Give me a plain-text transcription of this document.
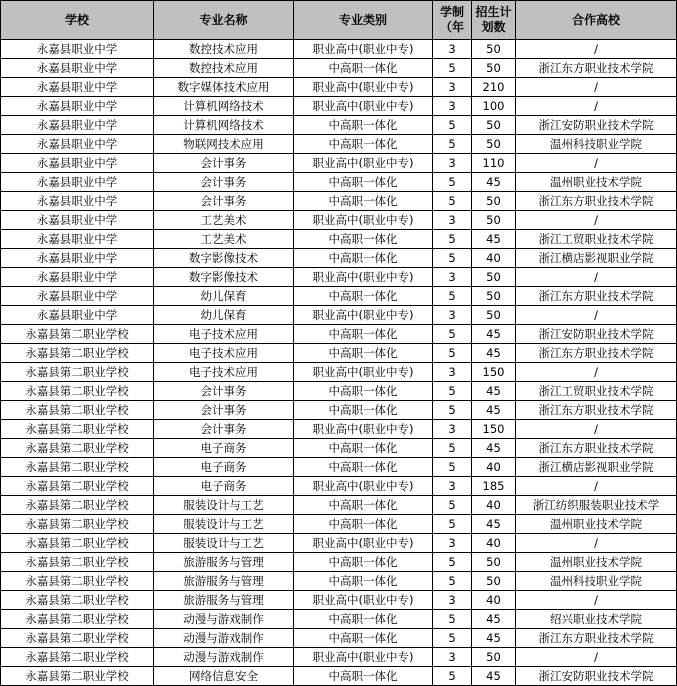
学校	专业名称	专业类别	学制（年	招生计划数	合作高校
永嘉县职业中学	数控技术应用	职业高中(职业中专)	3	50	/
永嘉县职业中学	数控技术应用	中高职一体化	5	50	浙江东方职业技术学院
永嘉县职业中学	数字媒体技术应用	职业高中(职业中专)	3	210	/
永嘉县职业中学	计算机网络技术	职业高中(职业中专)	3	100	/
永嘉县职业中学	计算机网络技术	中高职一体化	5	50	浙江安防职业技术学院
永嘉县职业中学	物联网技术应用	中高职一体化	5	50	温州科技职业学院
永嘉县职业中学	会计事务	职业高中(职业中专)	3	110	/
永嘉县职业中学	会计事务	中高职一体化	5	45	温州职业技术学院
永嘉县职业中学	会计事务	中高职一体化	5	50	浙江东方职业技术学院
永嘉县职业中学	工艺美术	职业高中(职业中专)	3	50	/
永嘉县职业中学	工艺美术	中高职一体化	5	45	浙江工贸职业技术学院
永嘉县职业中学	数字影像技术	中高职一体化	5	40	浙江横店影视职业学院
永嘉县职业中学	数字影像技术	职业高中(职业中专)	3	50	/
永嘉县职业中学	幼儿保育	中高职一体化	5	50	浙江东方职业技术学院
永嘉县职业中学	幼儿保育	职业高中(职业中专)	3	50	/
永嘉县第二职业学校	电子技术应用	中高职一体化	5	45	浙江安防职业技术学院
永嘉县第二职业学校	电子技术应用	中高职一体化	5	45	浙江东方职业技术学院
永嘉县第二职业学校	电子技术应用	职业高中(职业中专)	3	150	/
永嘉县第二职业学校	会计事务	中高职一体化	5	45	浙江工贸职业技术学院
永嘉县第二职业学校	会计事务	中高职一体化	5	45	浙江东方职业技术学院
永嘉县第二职业学校	会计事务	职业高中(职业中专)	3	150	/
永嘉县第二职业学校	电子商务	中高职一体化	5	45	浙江东方职业技术学院
永嘉县第二职业学校	电子商务	中高职一体化	5	40	浙江横店影视职业学院
永嘉县第二职业学校	电子商务	职业高中(职业中专)	3	185	/
永嘉县第二职业学校	服装设计与工艺	中高职一体化	5	40	浙江纺织服装职业技术学
永嘉县第二职业学校	服装设计与工艺	中高职一体化	5	45	温州职业技术学院
永嘉县第二职业学校	服装设计与工艺	职业高中(职业中专)	3	40	/
永嘉县第二职业学校	旅游服务与管理	中高职一体化	5	50	温州职业技术学院
永嘉县第二职业学校	旅游服务与管理	中高职一体化	5	50	温州科技职业学院
永嘉县第二职业学校	旅游服务与管理	职业高中(职业中专)	3	40	/
永嘉县第二职业学校	动漫与游戏制作	中高职一体化	5	45	绍兴职业技术学院
永嘉县第二职业学校	动漫与游戏制作	中高职一体化	5	45	浙江东方职业技术学院
永嘉县第二职业学校	动漫与游戏制作	职业高中(职业中专)	3	50	/
永嘉县第二职业学校	网络信息安全	中高职一体化	5	45	浙江安防职业技术学院
